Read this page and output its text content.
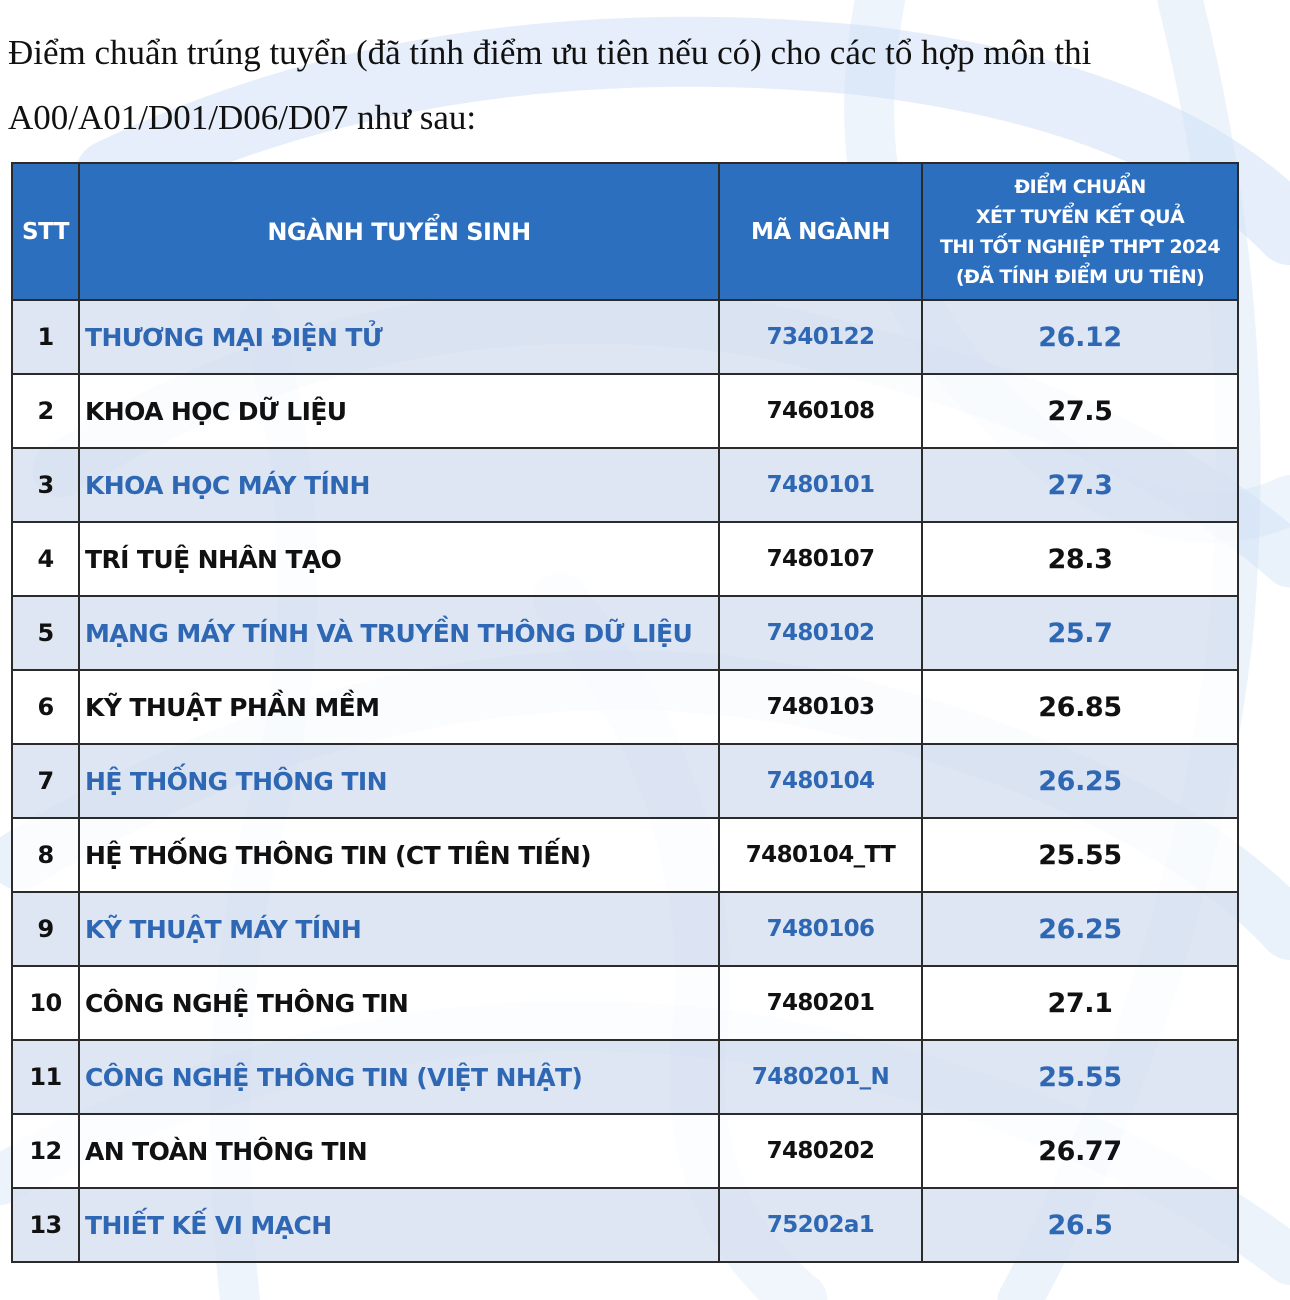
Điểm chuẩn trúng tuyển (đã tính điểm ưu tiên nếu có) cho các tổ hợp môn thi
A00/A01/D01/D06/D07 như sau:
STT	NGÀNH TUYỂN SINH	MÃ NGÀNH	ĐIỂM CHUẨN
XÉT TUYỂN KẾT QUẢ
THI TỐT NGHIỆP THPT 2024
(ĐÃ TÍNH ĐIỂM ƯU TIÊN)

1	THƯƠNG MẠI ĐIỆN TỬ	7340122	26.12
2	KHOA HỌC DỮ LIỆU	7460108	27.5
3	KHOA HỌC MÁY TÍNH	7480101	27.3
4	TRÍ TUỆ NHÂN TẠO	7480107	28.3
5	MẠNG MÁY TÍNH VÀ TRUYỀN THÔNG DỮ LIỆU	7480102	25.7
6	KỸ THUẬT PHẦN MỀM	7480103	26.85
7	HỆ THỐNG THÔNG TIN	7480104	26.25
8	HỆ THỐNG THÔNG TIN (CT TIÊN TIẾN)	7480104_TT	25.55
9	KỸ THUẬT MÁY TÍNH	7480106	26.25
10	CÔNG NGHỆ THÔNG TIN	7480201	27.1
11	CÔNG NGHỆ THÔNG TIN (VIỆT NHẬT)	7480201_N	25.55
12	AN TOÀN THÔNG TIN	7480202	26.77
13	THIẾT KẾ VI MẠCH	75202a1	26.5
